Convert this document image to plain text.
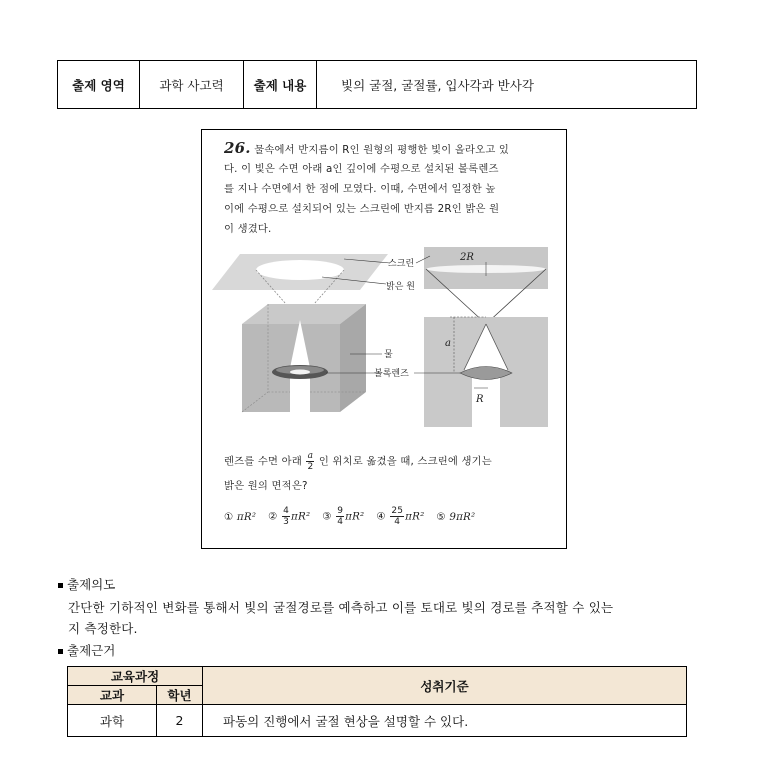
출제 영역	과학 사고력	출제 내용	빛의 굴절, 굴절률, 입사각과 반사각
26. 물속에서 반지름이 R인 원형의 평행한 빛이 올라오고 있
다. 이 빛은 수면 아래 a인 깊이에 수평으로 설치된 볼록렌즈
를 지나 수면에서 한 점에 모였다. 이때, 수면에서 일정한 높
이에 수평으로 설치되어 있는 스크린에 반지름 2R인 밝은 원
이 생겼다.
스크린
밝은 원
물
볼록렌즈
2R
a
R
렌즈를 수면 아래 $\frac{a}{2}$ 인 위치로 옮겼을 때, 스크린에 생기는
밝은 원의 면적은?
① πR² ② $\frac{4}{3} \pi R^2$ ③ $\frac{9}{4} \pi R^2$ ④ $\frac{25}{4} \pi R^2$ ⑤ 9πR²
출제의도
간단한 기하적인 변화를 통해서 빛의 굴절경로를 예측하고 이를 토대로 빛의 경로를 추적할 수 있는
지 측정한다.
출제근거
교육과정		성취기준
교과	학년	
과학	2	파동의 진행에서 굴절 현상을 설명할 수 있다.
